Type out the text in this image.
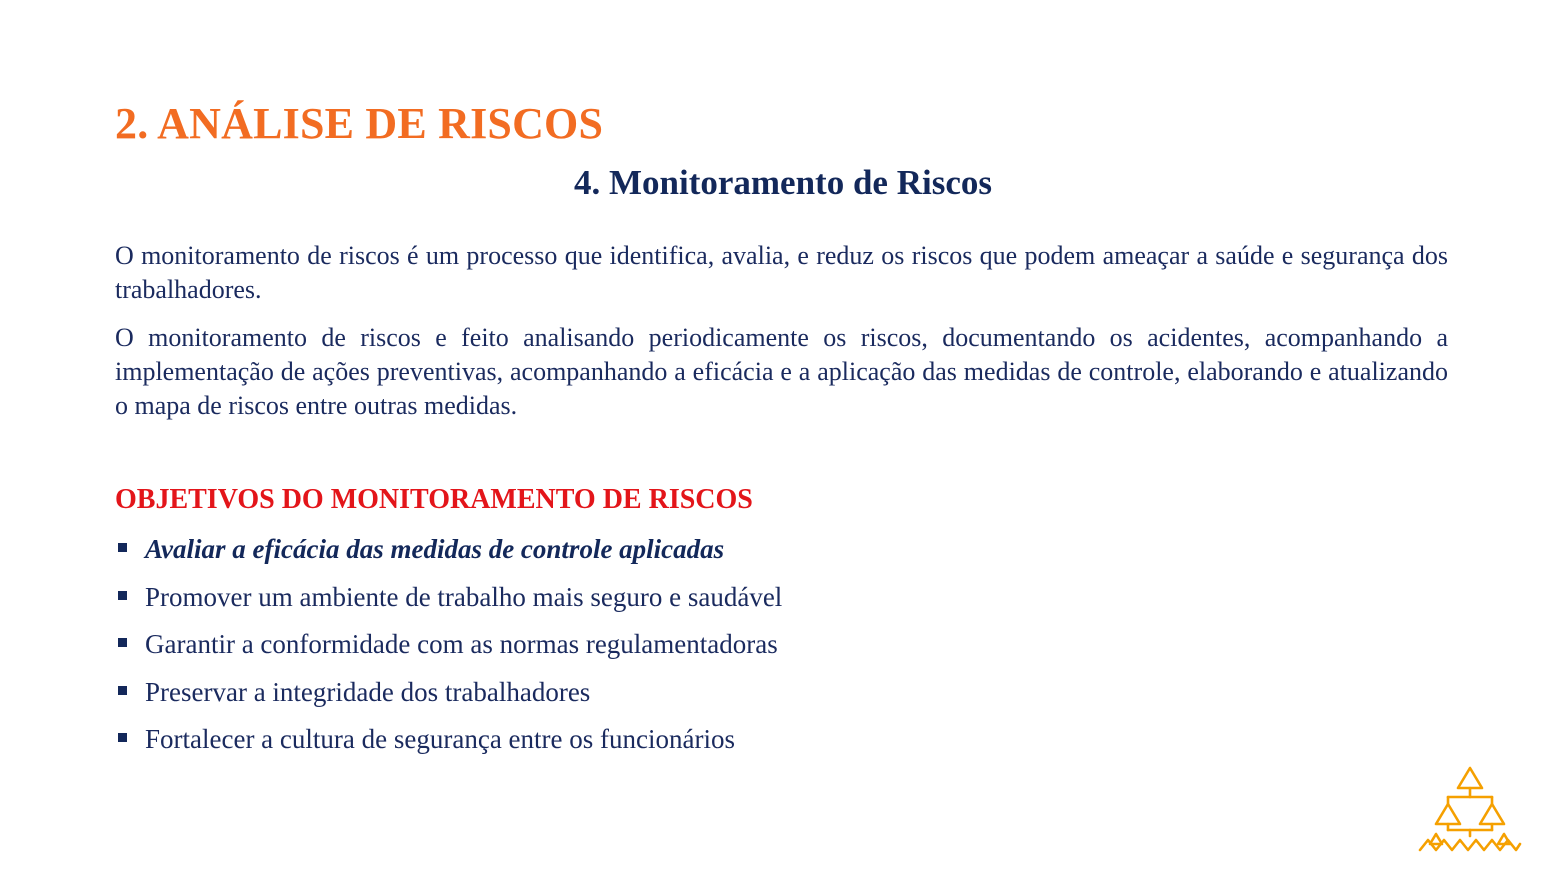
2. ANÁLISE DE RISCOS
4. Monitoramento de Riscos

O monitoramento de riscos é um processo que identifica, avalia, e reduz os riscos que podem ameaçar a saúde e segurança dos trabalhadores.

O monitoramento de riscos e feito analisando periodicamente os riscos, documentando os acidentes, acompanhando a implementação de ações preventivas, acompanhando a eficácia e a aplicação das medidas de controle, elaborando e atualizando o mapa de riscos entre outras medidas.

OBJETIVOS DO MONITORAMENTO DE RISCOS
Avaliar a eficácia das medidas de controle aplicadas
Promover um ambiente de trabalho mais seguro e saudável
Garantir a conformidade com as normas regulamentadoras
Preservar a integridade dos trabalhadores
Fortalecer a cultura de segurança entre os funcionários
